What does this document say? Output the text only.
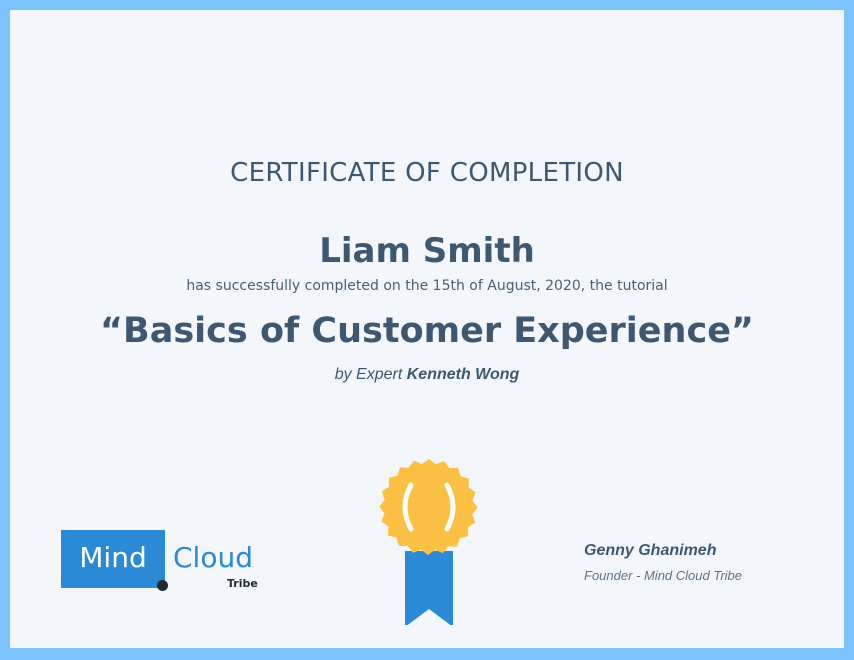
CERTIFICATE OF COMPLETION
Liam Smith
has successfully completed on the 15th of August, 2020, the tutorial
“Basics of Customer Experience”
by Expert Kenneth Wong
Mind Cloud
Tribe
Genny Ghanimeh
Founder - Mind Cloud Tribe
